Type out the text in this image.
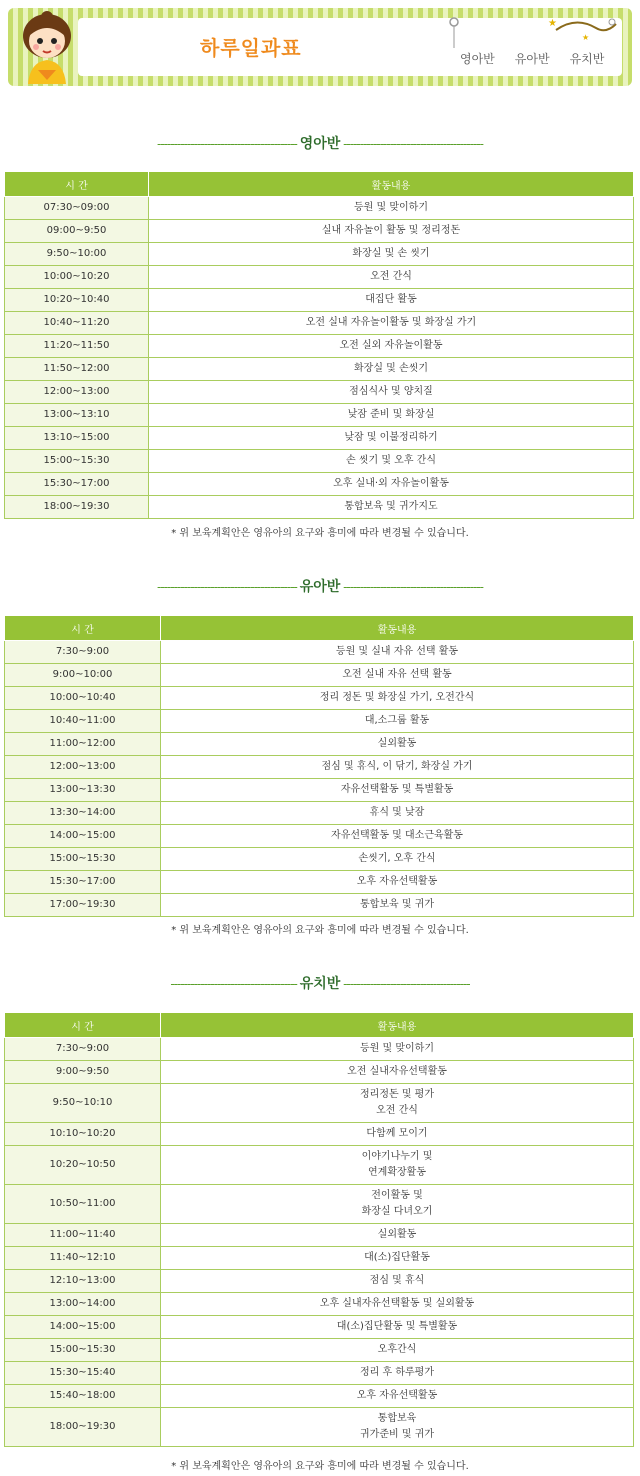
하루일과표
★
★
영아반 유아반 유치반
------------------------------------------ 영아반 ------------------------------------------
시 간	활동내용
07:30~09:00	등원 및 맞이하기
09:00~9:50	실내 자유놀이 활동 및 정리정돈
9:50~10:00	화장실 및 손 씻기
10:00~10:20	오전 간식
10:20~10:40	대집단 활동
10:40~11:20	오전 실내 자유놀이활동 및 화장실 가기
11:20~11:50	오전 실외 자유놀이활동
11:50~12:00	화장실 및 손씻기
12:00~13:00	점심식사 및 양치질
13:00~13:10	낮잠 준비 및 화장실
13:10~15:00	낮잠 및 이불정리하기
15:00~15:30	손 씻기 및 오후 간식
15:30~17:00	오후 실내·외 자유놀이활동
18:00~19:30	통합보육 및 귀가지도
* 위 보육계획안은 영유아의 요구와 흥미에 따라 변경될 수 있습니다.
------------------------------------------ 유아반 ------------------------------------------
시 간	활동내용
7:30~9:00	등원 및 실내 자유 선택 활동
9:00~10:00	오전 실내 자유 선택 활동
10:00~10:40	정리 정돈 및 화장실 가기, 오전간식
10:40~11:00	대,소그룹 활동
11:00~12:00	실외활동
12:00~13:00	점심 및 휴식, 이 닦기, 화장실 가기
13:00~13:30	자유선택활동 및 특별활동
13:30~14:00	휴식 및 낮잠
14:00~15:00	자유선택활동 및 대소근육활동
15:00~15:30	손씻기, 오후 간식
15:30~17:00	오후 자유선택활동
17:00~19:30	통합보육 및 귀가
* 위 보육계획안은 영유아의 요구와 흥미에 따라 변경될 수 있습니다.
-------------------------------------- 유치반 --------------------------------------
시 간	활동내용
7:30~9:00	등원 및 맞이하기
9:00~9:50	오전 실내자유선택활동
9:50~10:10	정리정돈 및 평가
오전 간식

10:10~10:20	다함께 모이기
10:20~10:50	이야기나누기 및
연계확장활동

10:50~11:00	전이활동 및
화장실 다녀오기

11:00~11:40	실외활동
11:40~12:10	대(소)집단활동
12:10~13:00	점심 및 휴식
13:00~14:00	오후 실내자유선택활동 및 실외활동
14:00~15:00	대(소)집단활동 및 특별활동
15:00~15:30	오후간식
15:30~15:40	정리 후 하루평가
15:40~18:00	오후 자유선택활동
18:00~19:30	통합보육
귀가준비 및 귀가
* 위 보육계획안은 영유아의 요구와 흥미에 따라 변경될 수 있습니다.
